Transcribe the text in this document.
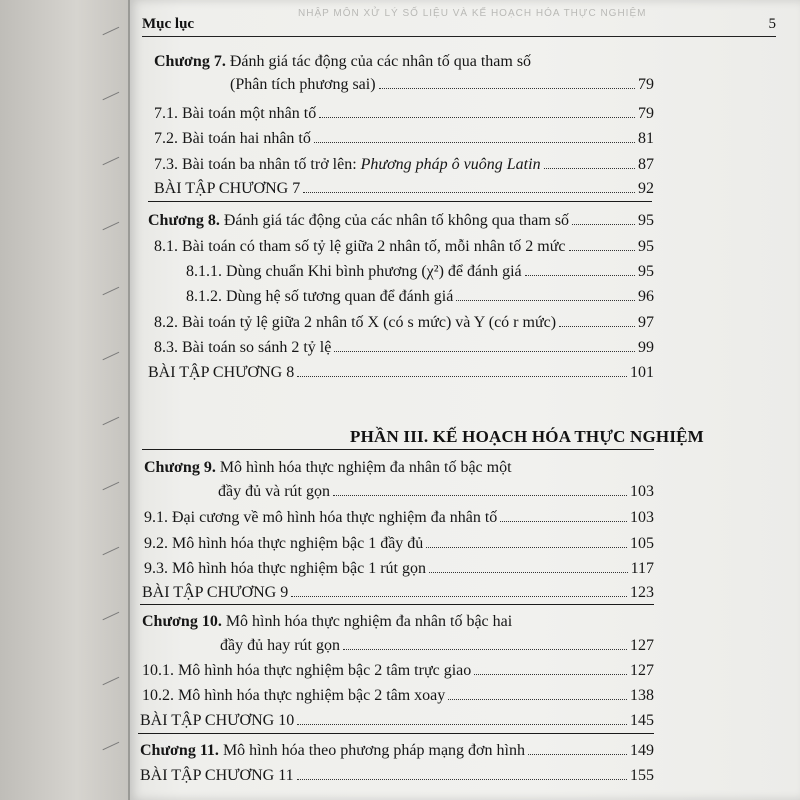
NHẬP MÔN XỬ LÝ SỐ LIỆU VÀ KẾ HOẠCH HÓA THỰC NGHIỆM
Mục lục	5
Chương 7. Đánh giá tác động của các nhân tố qua tham số
(Phân tích phương sai)	79
7.1. Bài toán một nhân tố	79
7.2. Bài toán hai nhân tố	81
7.3. Bài toán ba nhân tố trở lên:
Phương pháp ô vuông Latin	87
BÀI TẬP CHƯƠNG 7	92
Chương 8.
Đánh giá tác động của các nhân tố không qua tham số	95
8.1. Bài toán có tham số tỷ lệ giữa 2 nhân tố, mỗi nhân tố 2 mức	95
8.1.1. Dùng chuẩn Khi bình phương (χ²) để đánh giá	95
8.1.2. Dùng hệ số tương quan để đánh giá	96
8.2. Bài toán tỷ lệ giữa 2 nhân tố X (có s mức) và Y (có r mức)	97
8.3. Bài toán so sánh 2 tỷ lệ	99
BÀI TẬP CHƯƠNG 8	101
PHẦN III. KẾ HOẠCH HÓA THỰC NGHIỆM
Chương 9. Mô hình hóa thực nghiệm đa nhân tố bậc một
đầy đủ và rút gọn	103
9.1. Đại cương về mô hình hóa thực nghiệm đa nhân tố	103
9.2. Mô hình hóa thực nghiệm bậc 1 đầy đủ	105
9.3. Mô hình hóa thực nghiệm bậc 1 rút gọn	117
BÀI TẬP CHƯƠNG 9	123
Chương 10. Mô hình hóa thực nghiệm đa nhân tố bậc hai
đầy đủ hay rút gọn	127
10.1. Mô hình hóa thực nghiệm bậc 2 tâm trực giao	127
10.2. Mô hình hóa thực nghiệm bậc 2 tâm xoay	138
BÀI TẬP CHƯƠNG 10	145
Chương 11.
Mô hình hóa theo phương pháp mạng đơn hình	149
BÀI TẬP CHƯƠNG 11	155
